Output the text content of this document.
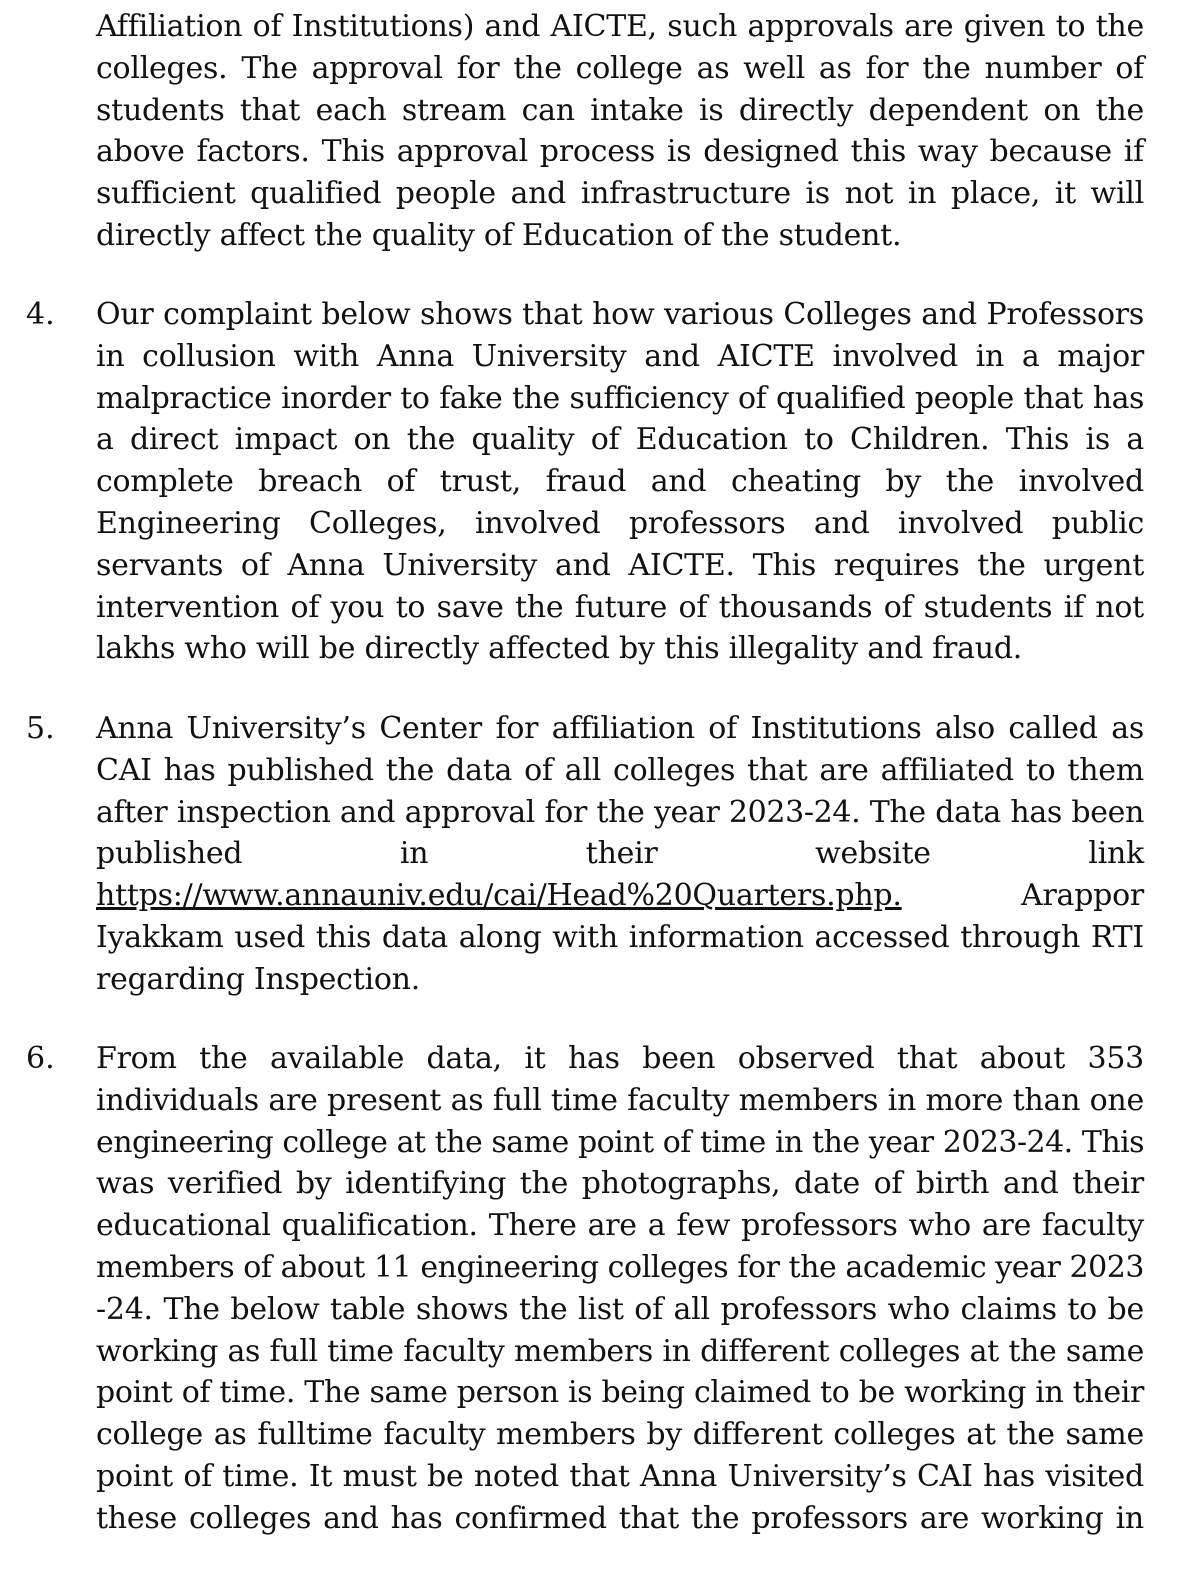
Affiliation of Institutions) and AICTE, such approvals are given to the
colleges. The approval for the college as well as for the number of
students that each stream can intake is directly dependent on the
above factors. This approval process is designed this way because if
sufficient qualified people and infrastructure is not in place, it will
directly affect the quality of Education of the student.
4. Our complaint below shows that how various Colleges and Professors
in collusion with Anna University and AICTE involved in a major
malpractice inorder to fake the sufficiency of qualified people that has
a direct impact on the quality of Education to Children. This is a
complete breach of trust, fraud and cheating by the involved
Engineering Colleges, involved professors and involved public
servants of Anna University and AICTE. This requires the urgent
intervention of you to save the future of thousands of students if not
lakhs who will be directly affected by this illegality and fraud.
5. Anna University’s Center for affiliation of Institutions also called as
CAI has published the data of all colleges that are affiliated to them
after inspection and approval for the year 2023-24. The data has been
published	in	their	website	link
https://www.annauniv.edu/cai/Head%20Quarters.php.	Arappor
Iyakkam used this data along with information accessed through RTI
regarding Inspection.
6. From the available data, it has been observed that about 353
individuals are present as full time faculty members in more than one
engineering college at the same point of time in the year 2023-24. This
was verified by identifying the photographs, date of birth and their
educational qualification. There are a few professors who are faculty
members of about 11 engineering colleges for the academic year 2023
-24. The below table shows the list of all professors who claims to be
working as full time faculty members in different colleges at the same
point of time. The same person is being claimed to be working in their
college as fulltime faculty members by different colleges at the same
point of time. It must be noted that Anna University’s CAI has visited
these colleges and has confirmed that the professors are working in
